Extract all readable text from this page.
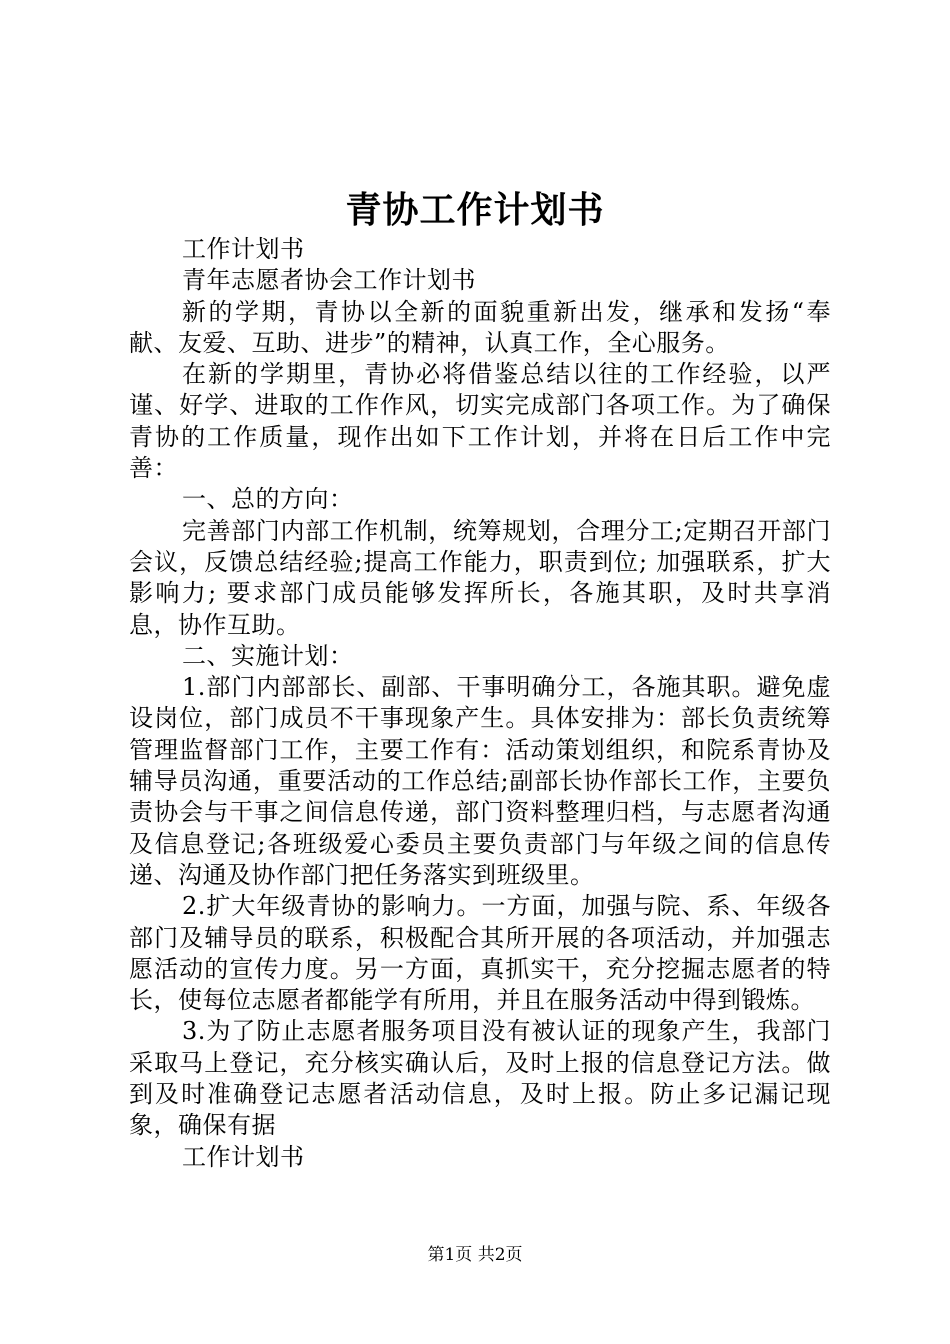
青协工作计划书

工作计划书

青年志愿者协会工作计划书

新的学期，青协以全新的面貌重新出发，继承和发扬“奉献、友爱、互助、进步”的精神，认真工作，全心服务。

在新的学期里，青协必将借鉴总结以往的工作经验，以严谨、好学、进取的工作作风，切实完成部门各项工作。为了确保青协的工作质量，现作出如下工作计划，并将在日后工作中完善：

一、总的方向：

完善部门内部工作机制，统筹规划，合理分工;定期召开部门会议，反馈总结经验;提高工作能力，职责到位; 加强联系，扩大影响力; 要求部门成员能够发挥所长，各施其职，及时共享消息，协作互助。

二、实施计划：

1.部门内部部长、副部、干事明确分工，各施其职。避免虚设岗位，部门成员不干事现象产生。具体安排为：部长负责统筹管理监督部门工作，主要工作有：活动策划组织，和院系青协及辅导员沟通，重要活动的工作总结;副部长协作部长工作，主要负责协会与干事之间信息传递，部门资料整理归档，与志愿者沟通及信息登记;各班级爱心委员主要负责部门与年级之间的信息传递、沟通及协作部门把任务落实到班级里。

2.扩大年级青协的影响力。一方面，加强与院、系、年级各部门及辅导员的联系，积极配合其所开展的各项活动，并加强志愿活动的宣传力度。另一方面，真抓实干，充分挖掘志愿者的特长，使每位志愿者都能学有所用，并且在服务活动中得到锻炼。

3.为了防止志愿者服务项目没有被认证的现象产生，我部门采取马上登记，充分核实确认后，及时上报的信息登记方法。做到及时准确登记志愿者活动信息，及时上报。防止多记漏记现象，确保有据

工作计划书

第1页 共2页
